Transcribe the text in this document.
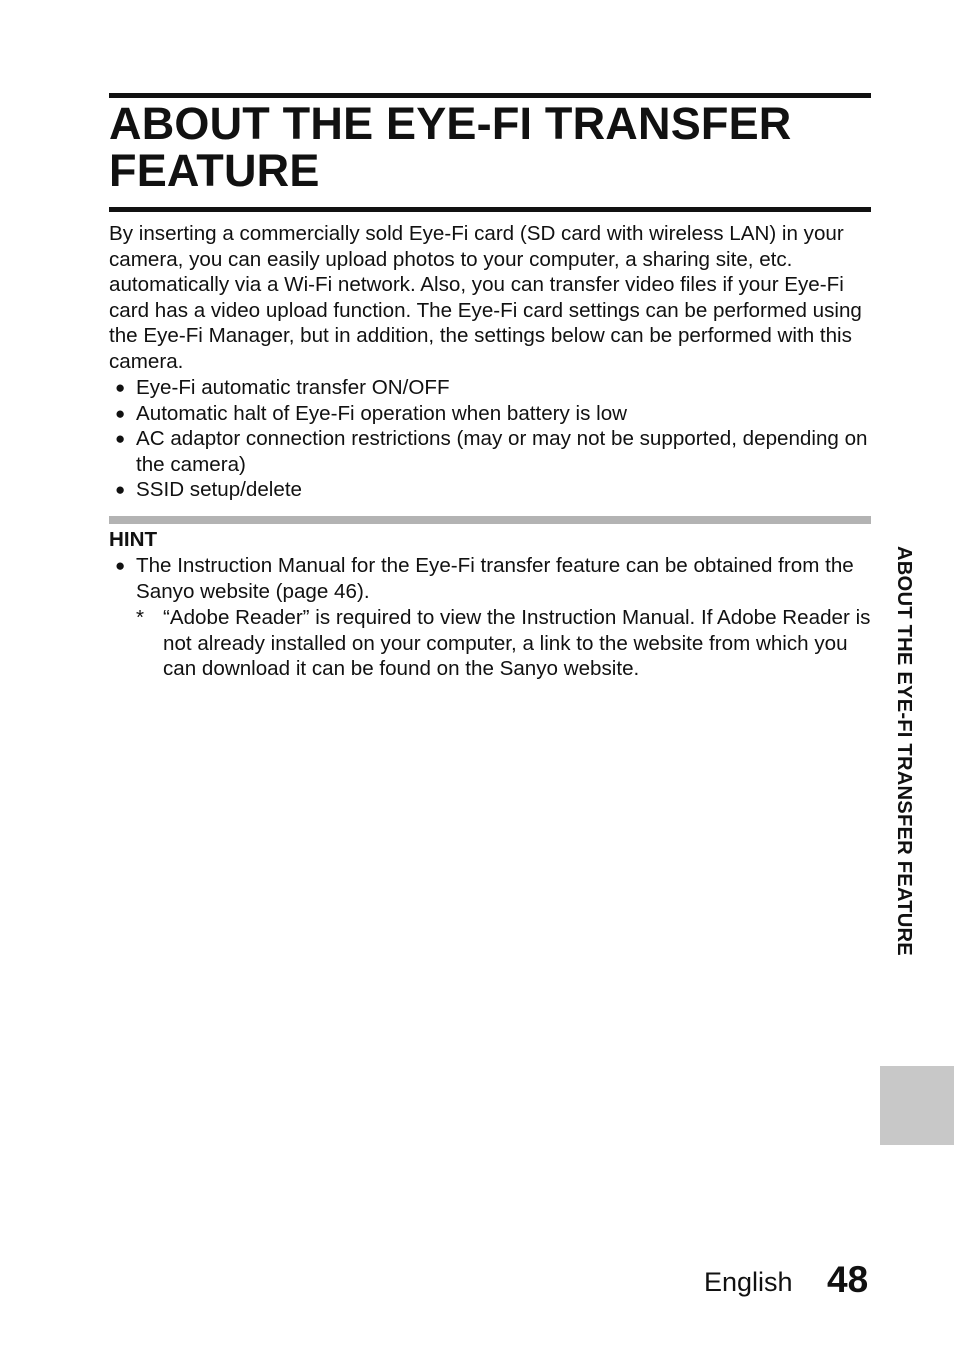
ABOUT THE EYE-FI TRANSFER FEATURE

By inserting a commercially sold Eye-Fi card (SD card with wireless LAN) in your camera, you can easily upload photos to your computer, a sharing site, etc. automatically via a Wi-Fi network. Also, you can transfer video files if your Eye-Fi card has a video upload function. The Eye-Fi card settings can be performed using the Eye-Fi Manager, but in addition, the settings below can be performed with this camera.

● Eye-Fi automatic transfer ON/OFF
● Automatic halt of Eye-Fi operation when battery is low
● AC adaptor connection restrictions (may or may not be supported, depending on the camera)
● SSID setup/delete
HINT
● The Instruction Manual for the Eye-Fi transfer feature can be obtained from the Sanyo website (page 46).
* “Adobe Reader” is required to view the Instruction Manual. If Adobe Reader is not already installed on your computer, a link to the website from which you can download it can be found on the Sanyo website.	ABOUT THE EYE-FI TRANSFER FEATURE
English 48
